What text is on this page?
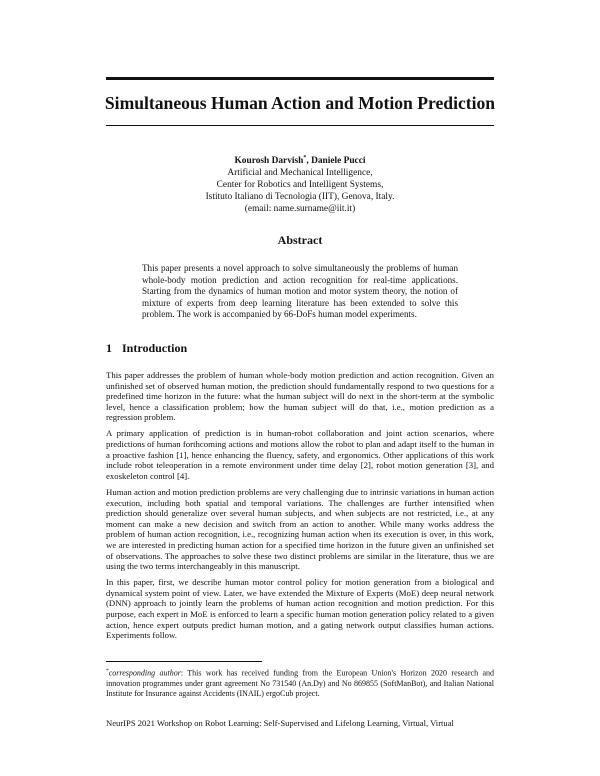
Simultaneous Human Action and Motion Prediction
Kourosh Darvish*, Daniele Pucci
Artificial and Mechanical Intelligence,
Center for Robotics and Intelligent Systems,
Istituto Italiano di Tecnologia (IIT), Genova, Italy.
(email: name.surname@iit.it)
Abstract
This paper presents a novel approach to solve simultaneously the problems of human whole-body motion prediction and action recognition for real-time applications. Starting from the dynamics of human motion and motor system theory, the notion of mixture of experts from deep learning literature has been extended to solve this problem. The work is accompanied by 66-DoFs human model experiments.
1 Introduction

This paper addresses the problem of human whole-body motion prediction and action recognition. Given an unfinished set of observed human motion, the prediction should fundamentally respond to two questions for a predefined time horizon in the future: what the human subject will do next in the short-term at the symbolic level, hence a classification problem; how the human subject will do that, i.e., motion prediction as a regression problem.

A primary application of prediction is in human-robot collaboration and joint action scenarios, where predictions of human forthcoming actions and motions allow the robot to plan and adapt itself to the human in a proactive fashion [1], hence enhancing the fluency, safety, and ergonomics. Other applications of this work include robot teleoperation in a remote environment under time delay [2], robot motion generation [3], and exoskeleton control [4].

Human action and motion prediction problems are very challenging due to intrinsic variations in human action execution, including both spatial and temporal variations. The challenges are further intensified when prediction should generalize over several human subjects, and when subjects are not restricted, i.e., at any moment can make a new decision and switch from an action to another. While many works address the problem of human action recognition, i.e., recognizing human action when its execution is over, in this work, we are interested in predicting human action for a specified time horizon in the future given an unfinished set of observations. The approaches to solve these two distinct problems are similar in the literature, thus we are using the two terms interchangeably in this manuscript.

In this paper, first, we describe human motor control policy for motion generation from a biological and dynamical system point of view. Later, we have extended the Mixture of Experts (MoE) deep neural network (DNN) approach to jointly learn the problems of human action recognition and motion prediction. For this purpose, each expert in MoE is enforced to learn a specific human motion generation policy related to a given action, hence expert outputs predict human motion, and a gating network output classifies human actions. Experiments follow.

*corresponding author: This work has received funding from the European Union's Horizon 2020 research and innovation programmes under grant agreement No 731540 (An.Dy) and No 869855 (SoftManBot), and Italian National Institute for Insurance against Accidents (INAIL) ergoCub project.
NeurIPS 2021 Workshop on Robot Learning: Self-Supervised and Lifelong Learning, Virtual, Virtual
